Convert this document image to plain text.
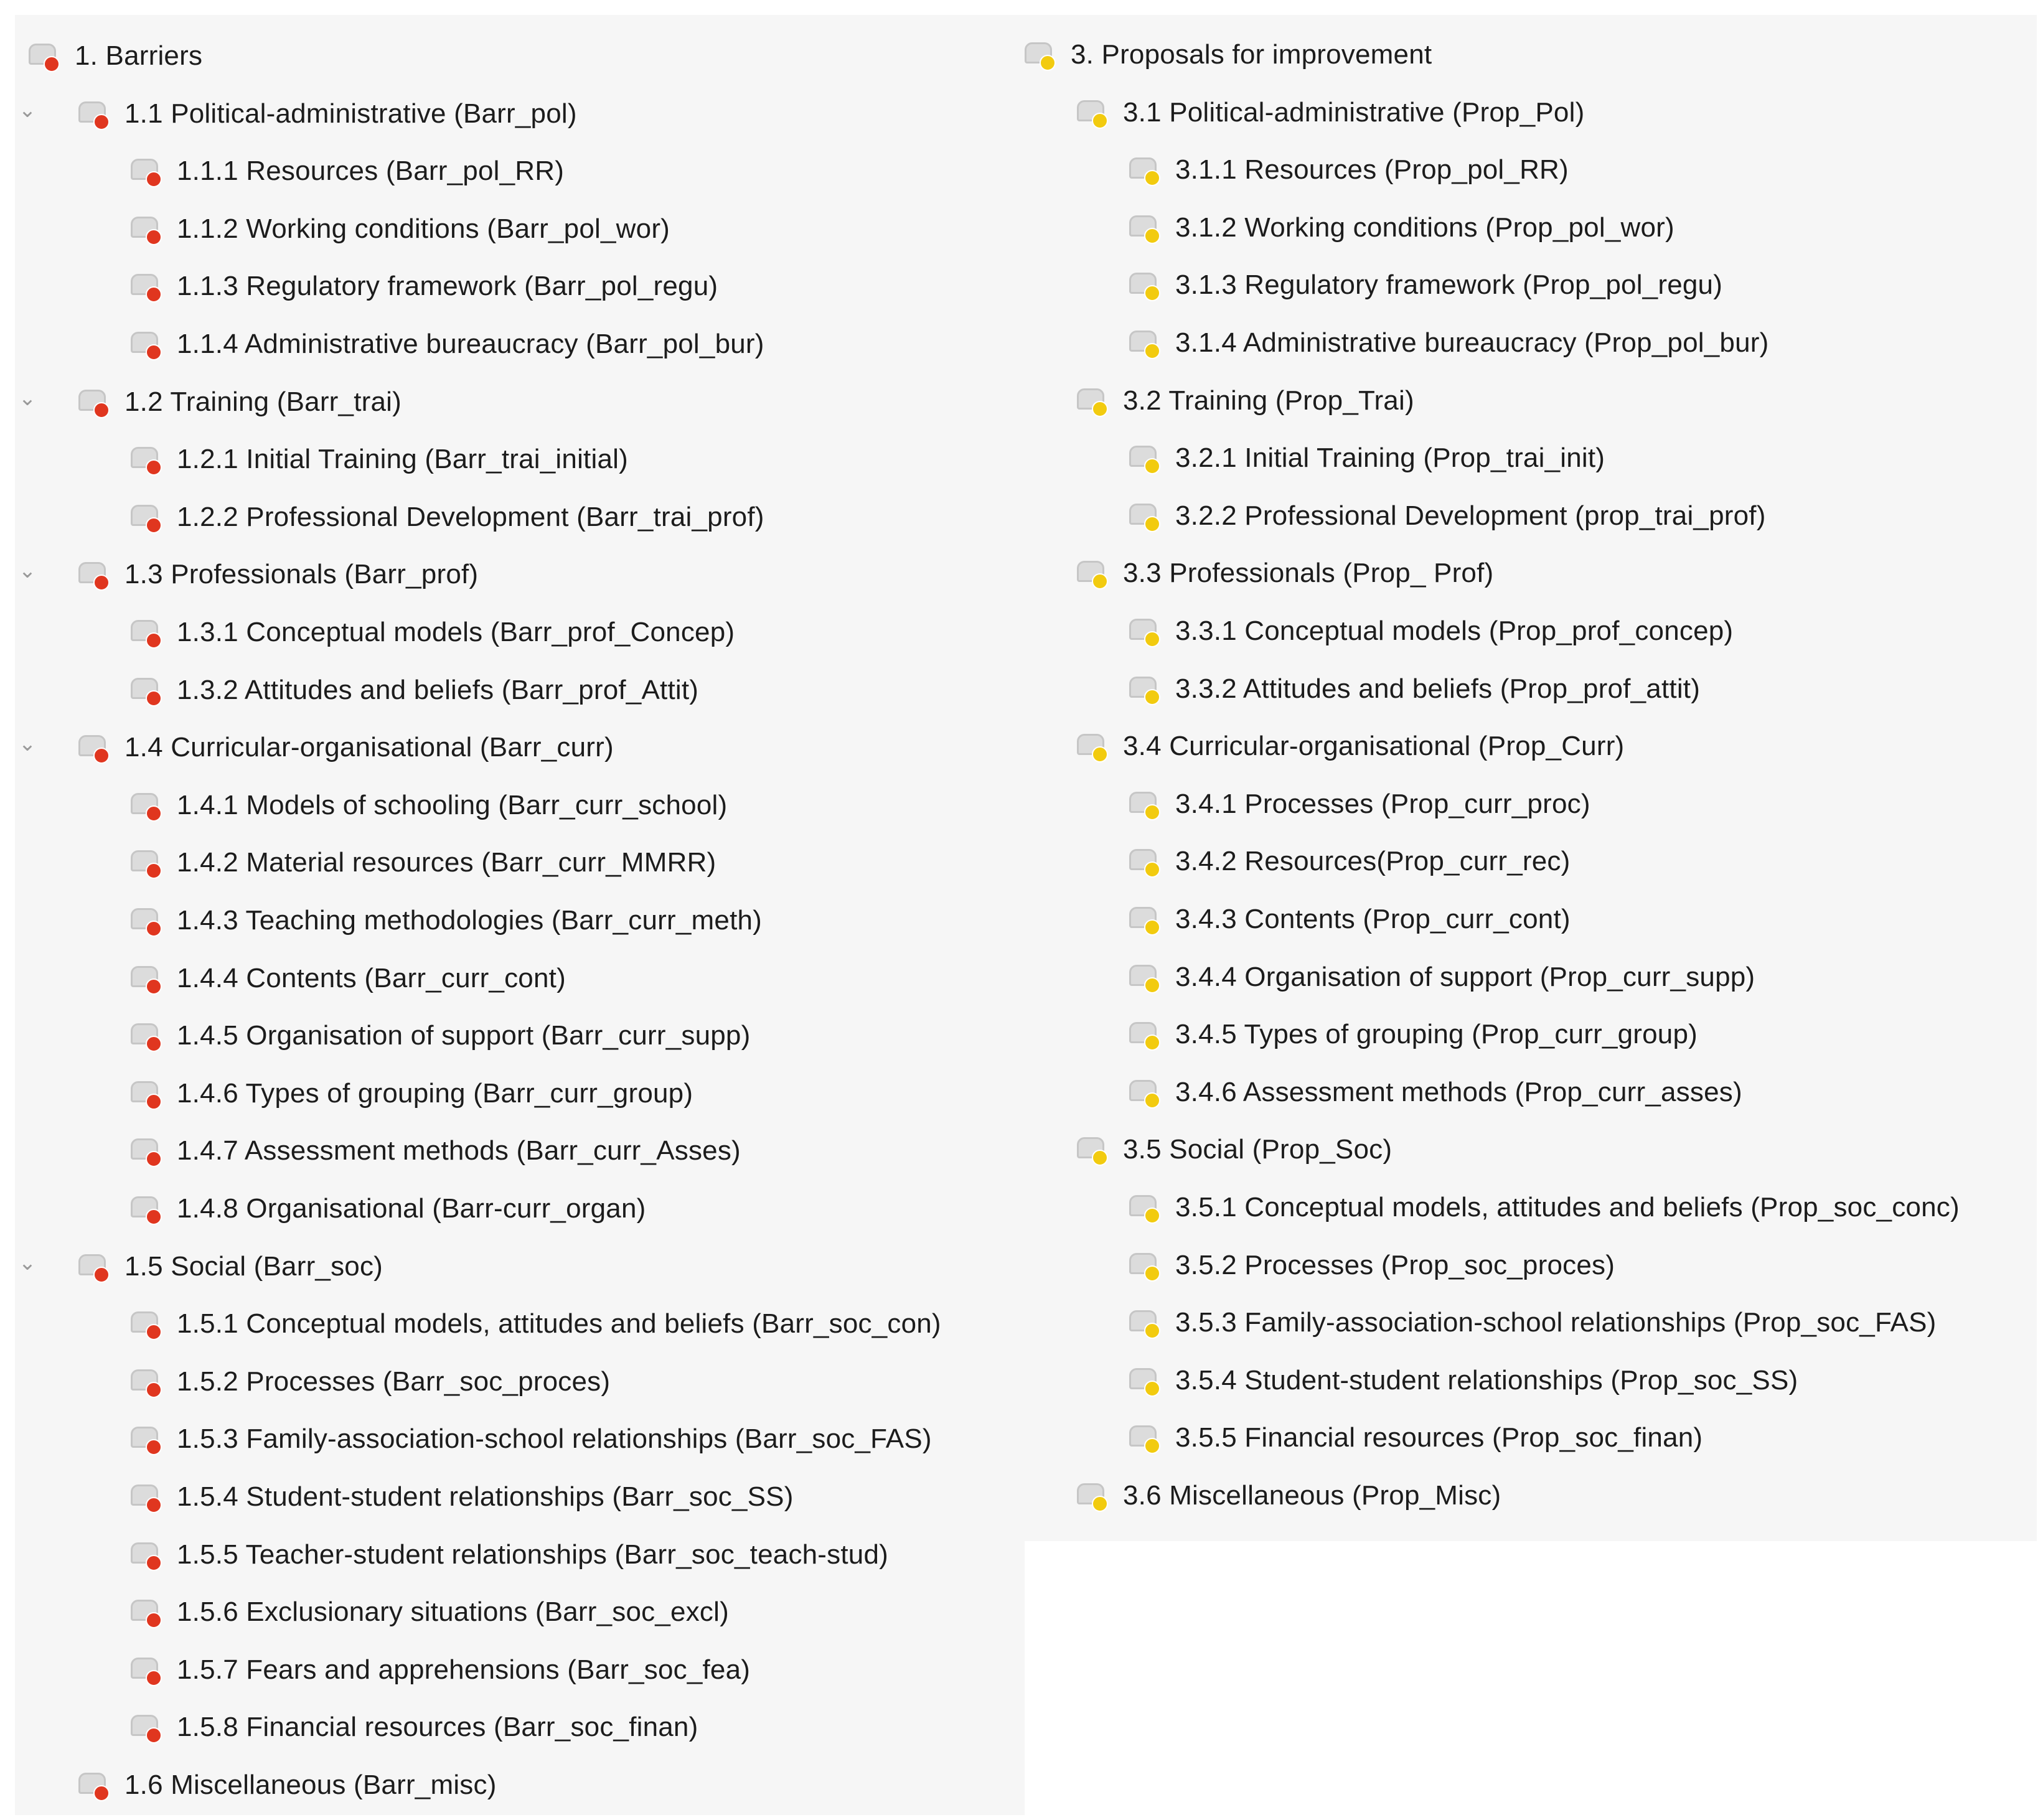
1. Barriers
⌄	1.1 Political-administrative (Barr_pol)
1.1.1 Resources (Barr_pol_RR)
1.1.2 Working conditions (Barr_pol_wor)
1.1.3 Regulatory framework (Barr_pol_regu)
1.1.4 Administrative bureaucracy (Barr_pol_bur)
⌄	1.2 Training (Barr_trai)
1.2.1 Initial Training (Barr_trai_initial)
1.2.2 Professional Development (Barr_trai_prof)
⌄	1.3 Professionals (Barr_prof)
1.3.1 Conceptual models (Barr_prof_Concep)
1.3.2 Attitudes and beliefs (Barr_prof_Attit)
⌄	1.4 Curricular-organisational (Barr_curr)
1.4.1 Models of schooling (Barr_curr_school)
1.4.2 Material resources (Barr_curr_MMRR)
1.4.3 Teaching methodologies (Barr_curr_meth)
1.4.4 Contents (Barr_curr_cont)
1.4.5 Organisation of support (Barr_curr_supp)
1.4.6 Types of grouping (Barr_curr_group)
1.4.7 Assessment methods (Barr_curr_Asses)
1.4.8 Organisational (Barr-curr_organ)
⌄	1.5 Social (Barr_soc)
1.5.1 Conceptual models, attitudes and beliefs (Barr_soc_con)
1.5.2 Processes (Barr_soc_proces)
1.5.3 Family-association-school relationships (Barr_soc_FAS)
1.5.4 Student-student relationships (Barr_soc_SS)
1.5.5 Teacher-student relationships (Barr_soc_teach-stud)
1.5.6 Exclusionary situations (Barr_soc_excl)
1.5.7 Fears and apprehensions (Barr_soc_fea)
1.5.8 Financial resources (Barr_soc_finan)
1.6 Miscellaneous (Barr_misc)
3. Proposals for improvement
3.1 Political-administrative (Prop_Pol)
3.1.1 Resources (Prop_pol_RR)
3.1.2 Working conditions (Prop_pol_wor)
3.1.3 Regulatory framework (Prop_pol_regu)
3.1.4 Administrative bureaucracy (Prop_pol_bur)
3.2 Training (Prop_Trai)
3.2.1 Initial Training (Prop_trai_init)
3.2.2 Professional Development (prop_trai_prof)
3.3 Professionals (Prop_ Prof)
3.3.1 Conceptual models (Prop_prof_concep)
3.3.2 Attitudes and beliefs (Prop_prof_attit)
3.4 Curricular-organisational (Prop_Curr)
3.4.1 Processes (Prop_curr_proc)
3.4.2 Resources(Prop_curr_rec)
3.4.3 Contents (Prop_curr_cont)
3.4.4 Organisation of support (Prop_curr_supp)
3.4.5 Types of grouping (Prop_curr_group)
3.4.6 Assessment methods (Prop_curr_asses)
3.5 Social (Prop_Soc)
3.5.1 Conceptual models, attitudes and beliefs (Prop_soc_conc)
3.5.2 Processes (Prop_soc_proces)
3.5.3 Family-association-school relationships (Prop_soc_FAS)
3.5.4 Student-student relationships (Prop_soc_SS)
3.5.5 Financial resources (Prop_soc_finan)
3.6 Miscellaneous (Prop_Misc)
